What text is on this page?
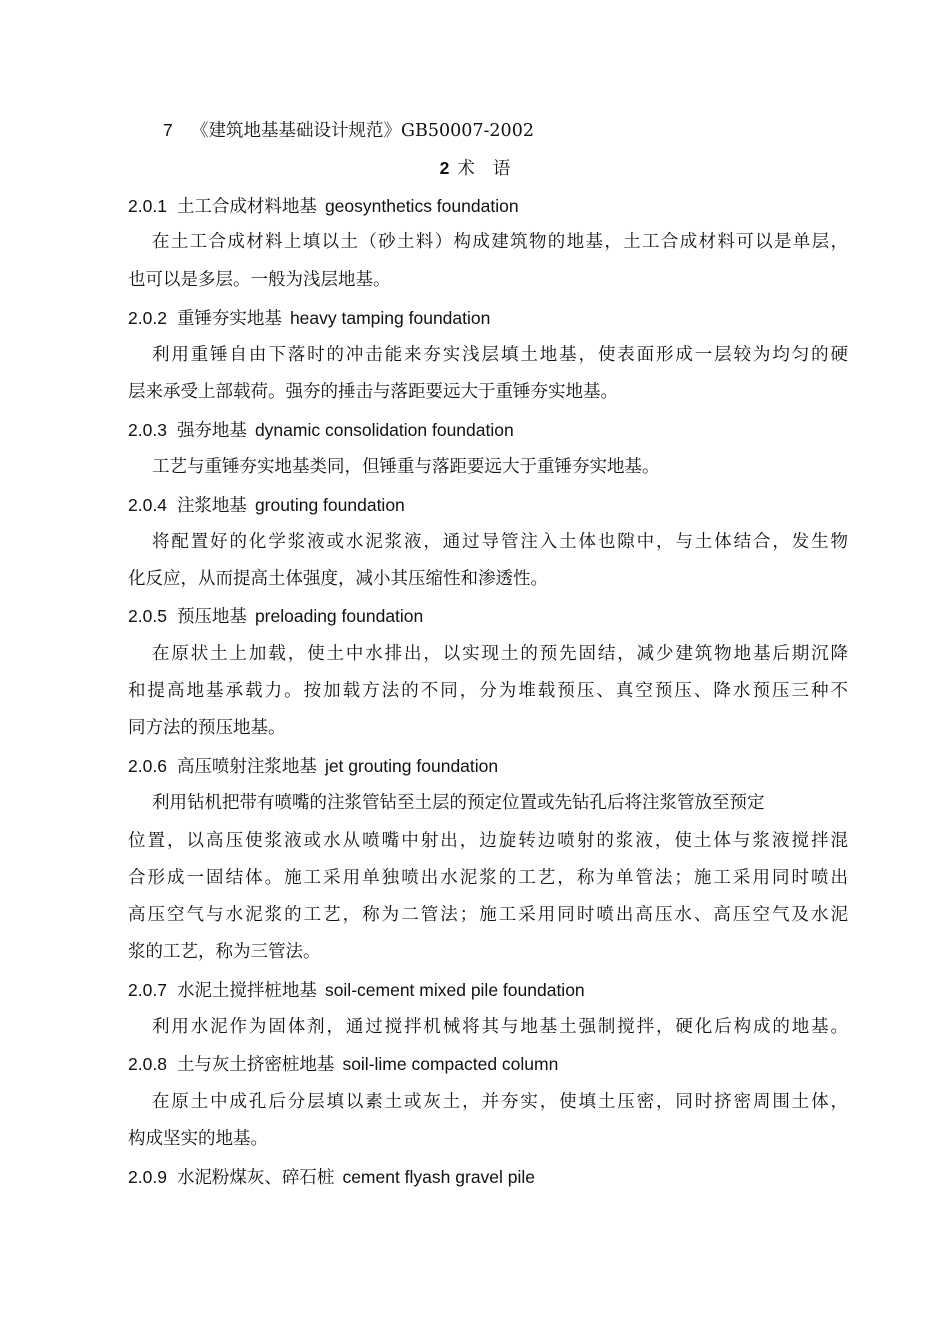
7 《建筑地基基础设计规范》GB50007-2002
2 术 语
2.0.1 土工合成材料地基 geosynthetics foundation
在土工合成材料上填以土（砂土料）构成建筑物的地基，土工合成材料可以是单层，
也可以是多层。一般为浅层地基。
2.0.2 重锤夯实地基 heavy tamping foundation
利用重锤自由下落时的冲击能来夯实浅层填土地基，使表面形成一层较为均匀的硬
层来承受上部载荷。强夯的捶击与落距要远大于重锤夯实地基。
2.0.3 强夯地基 dynamic consolidation foundation
工艺与重锤夯实地基类同，但锤重与落距要远大于重锤夯实地基。
2.0.4 注浆地基 grouting foundation
将配置好的化学浆液或水泥浆液，通过导管注入土体也隙中，与土体结合，发生物
化反应，从而提高土体强度，减小其压缩性和渗透性。
2.0.5 预压地基 preloading foundation
在原状土上加载，使土中水排出，以实现土的预先固结，减少建筑物地基后期沉降
和提高地基承载力。按加载方法的不同，分为堆载预压、真空预压、降水预压三种不
同方法的预压地基。
2.0.6 高压喷射注浆地基 jet grouting foundation
利用钻机把带有喷嘴的注浆管钻至土层的预定位置或先钻孔后将注浆管放至预定
位置，以高压使浆液或水从喷嘴中射出，边旋转边喷射的浆液，使土体与浆液搅拌混
合形成一固结体。施工采用单独喷出水泥浆的工艺，称为单管法；施工采用同时喷出
高压空气与水泥浆的工艺，称为二管法；施工采用同时喷出高压水、高压空气及水泥
浆的工艺，称为三管法。
2.0.7 水泥土搅拌桩地基 soil-cement mixed pile foundation
利用水泥作为固体剂，通过搅拌机械将其与地基土强制搅拌，硬化后构成的地基。
2.0.8 土与灰土挤密桩地基 soil-lime compacted column
在原土中成孔后分层填以素土或灰土，并夯实，使填土压密，同时挤密周围土体，
构成坚实的地基。
2.0.9 水泥粉煤灰、碎石桩 cement flyash gravel pile
